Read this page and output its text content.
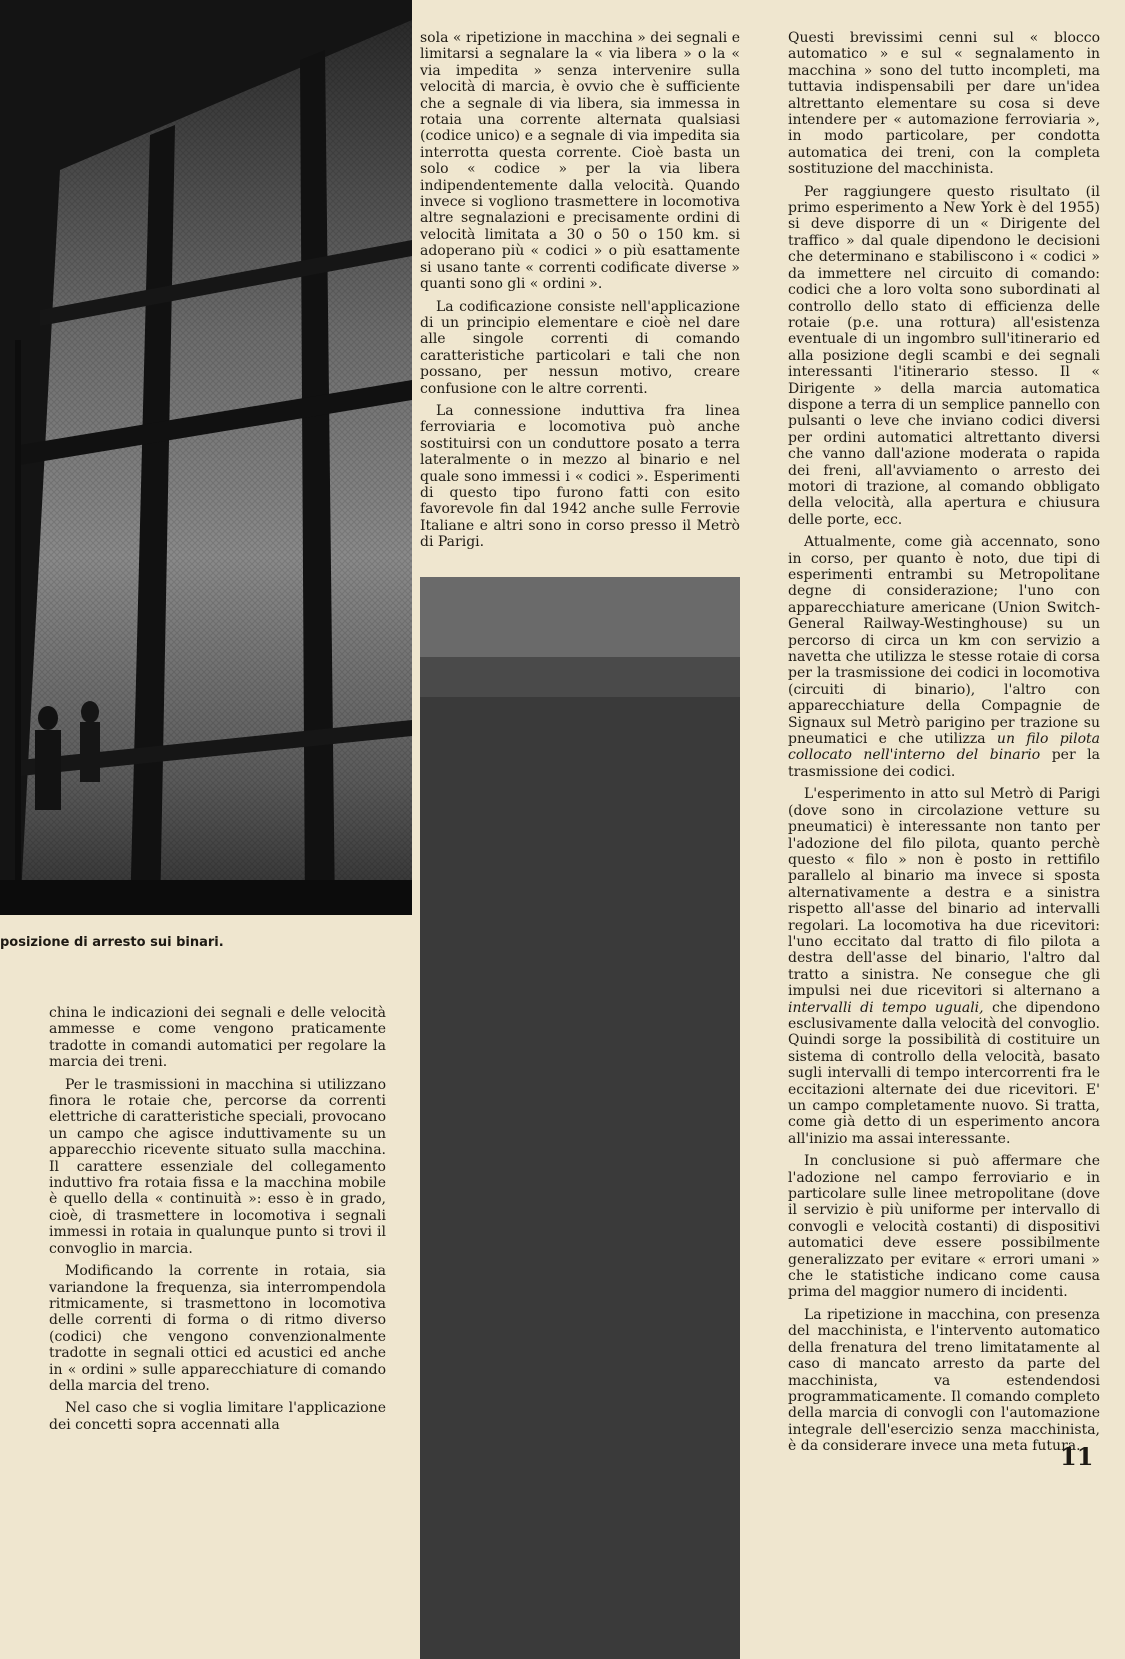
posizione di arresto sui binari.

china le indicazioni dei segnali e delle velocità ammesse e come vengono praticamente tradotte in comandi automatici per regolare la marcia dei treni.

Per le trasmissioni in macchina si utilizzano finora le rotaie che, percorse da correnti elettriche di caratteristiche speciali, provocano un campo che agisce induttivamente su un apparecchio ricevente situato sulla macchina. Il carattere essenziale del collegamento induttivo fra rotaia fissa e la macchina mobile è quello della « continuità »: esso è in grado, cioè, di trasmettere in locomotiva i segnali immessi in rotaia in qualunque punto si trovi il convoglio in marcia.

Modificando la corrente in rotaia, sia variandone la frequenza, sia interrompendola ritmicamente, si trasmettono in locomotiva delle correnti di forma o di ritmo diverso (codici) che vengono convenzionalmente tradotte in segnali ottici ed acustici ed anche in « ordini » sulle apparecchiature di comando della marcia del treno.

Nel caso che si voglia limitare l'applicazione dei concetti sopra accennati alla

sola « ripetizione in macchina » dei segnali e limitarsi a segnalare la « via libera » o la « via impedita » senza intervenire sulla velocità di marcia, è ovvio che è sufficiente che a segnale di via libera, sia immessa in rotaia una corrente alternata qualsiasi (codice unico) e a segnale di via impedita sia interrotta questa corrente. Cioè basta un solo « codice » per la via libera indipendentemente dalla velocità. Quando invece si vogliono trasmettere in locomotiva altre segnalazioni e precisamente ordini di velocità limitata a 30 o 50 o 150 km. si adoperano più « codici » o più esattamente si usano tante « correnti codificate diverse » quanti sono gli « ordini ».

La codificazione consiste nell'applicazione di un principio elementare e cioè nel dare alle singole correnti di comando caratteristiche particolari e tali che non possano, per nessun motivo, creare confusione con le altre correnti.

La connessione induttiva fra linea ferroviaria e locomotiva può anche sostituirsi con un conduttore posato a terra lateralmente o in mezzo al binario e nel quale sono immessi i « codici ». Esperimenti di questo tipo furono fatti con esito favorevole fin dal 1942 anche sulle Ferrovie Italiane e altri sono in corso presso il Metrò di Parigi.

Questi brevissimi cenni sul « blocco automatico » e sul « segnalamento in macchina » sono del tutto incompleti, ma tuttavia indispensabili per dare un'idea altrettanto elementare su cosa si deve intendere per « automazione ferroviaria », in modo particolare, per condotta automatica dei treni, con la completa sostituzione del macchinista.

Per raggiungere questo risultato (il primo esperimento a New York è del 1955) si deve disporre di un « Dirigente del traffico » dal quale dipendono le decisioni che determinano e stabiliscono i « codici » da immettere nel circuito di comando: codici che a loro volta sono subordinati al controllo dello stato di efficienza delle rotaie (p.e. una rottura) all'esistenza eventuale di un ingombro sull'itinerario ed alla posizione degli scambi e dei segnali interessanti l'itinerario stesso. Il « Dirigente » della marcia automatica dispone a terra di un semplice pannello con pulsanti o leve che inviano codici diversi per ordini automatici altrettanto diversi che vanno dall'azione moderata o rapida dei freni, all'avviamento o arresto dei motori di trazione, al comando obbligato della velocità, alla apertura e chiusura delle porte, ecc.

Attualmente, come già accennato, sono in corso, per quanto è noto, due tipi di esperimenti entrambi su Metropolitane degne di considerazione; l'uno con apparecchiature americane (Union Switch-General Railway-Westinghouse) su un percorso di circa un km con servizio a navetta che utilizza le stesse rotaie di corsa per la trasmissione dei codici in locomotiva (circuiti di binario), l'altro con apparecchiature della Compagnie de Signaux sul Metrò parigino per trazione su pneumatici e che utilizza un filo pilota collocato nell'interno del binario per la trasmissione dei codici.

L'esperimento in atto sul Metrò di Parigi (dove sono in circolazione vetture su pneumatici) è interessante non tanto per l'adozione del filo pilota, quanto perchè questo « filo » non è posto in rettifilo parallelo al binario ma invece si sposta alternativamente a destra e a sinistra rispetto all'asse del binario ad intervalli regolari. La locomotiva ha due ricevitori: l'uno eccitato dal tratto di filo pilota a destra dell'asse del binario, l'altro dal tratto a sinistra. Ne consegue che gli impulsi nei due ricevitori si alternano a intervalli di tempo uguali, che dipendono esclusivamente dalla velocità del convoglio. Quindi sorge la possibilità di costituire un sistema di controllo della velocità, basato sugli intervalli di tempo intercorrenti fra le eccitazioni alternate dei due ricevitori. E' un campo completamente nuovo. Si tratta, come già detto di un esperimento ancora all'inizio ma assai interessante.

In conclusione si può affermare che l'adozione nel campo ferroviario e in particolare sulle linee metropolitane (dove il servizio è più uniforme per intervallo di convogli e velocità costanti) di dispositivi automatici deve essere possibilmente generalizzato per evitare « errori umani » che le statistiche indicano come causa prima del maggior numero di incidenti.

La ripetizione in macchina, con presenza del macchinista, e l'intervento automatico della frenatura del treno limitatamente al caso di mancato arresto da parte del macchinista, va estendendosi programmaticamente. Il comando completo della marcia di convogli con l'automazione integrale dell'esercizio senza macchinista, è da considerare invece una meta futura.

11
